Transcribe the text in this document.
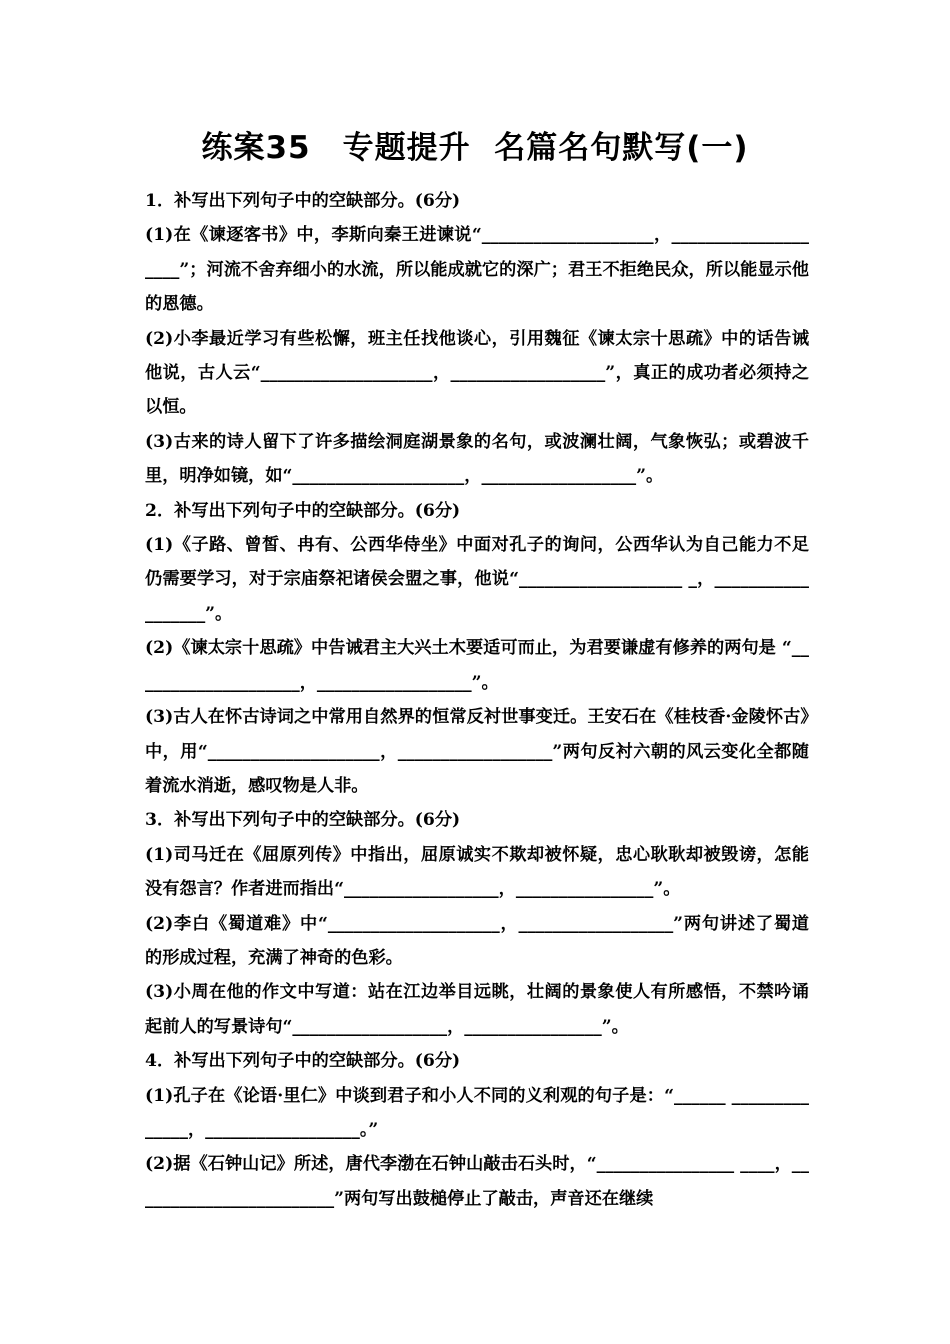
练案35　专题提升  名篇名句默写(一)

1．补写出下列句子中的空缺部分。(6分)

(1)在《谏逐客书》中，李斯向秦王进谏说“____________________，____________________”；河流不舍弃细小的水流，所以能成就它的深广；君王不拒绝民众，所以能显示他的恩德。

(2)小李最近学习有些松懈，班主任找他谈心，引用魏征《谏太宗十思疏》中的话告诫他说，古人云“____________________，__________________”，真正的成功者必须持之以恒。

(3)古来的诗人留下了许多描绘洞庭湖景象的名句，或波澜壮阔，气象恢弘；或碧波千里，明净如镜，如“____________________，__________________”。

2．补写出下列句子中的空缺部分。(6分)

(1)《子路、曾皙、冉有、公西华侍坐》中面对孔子的询问，公西华认为自己能力不足仍需要学习，对于宗庙祭祀诸侯会盟之事，他说“___________________ _，__________________”。

(2)《谏太宗十思疏》中告诫君主大兴土木要适可而止，为君要谦虚有修养的两句是 “____________________，__________________”。

(3)古人在怀古诗词之中常用自然界的恒常反衬世事变迁。王安石在《桂枝香·金陵怀古》中，用“____________________，__________________”两句反衬六朝的风云变化全都随着流水消逝，感叹物是人非。

3．补写出下列句子中的空缺部分。(6分)

(1)司马迁在《屈原列传》中指出，屈原诚实不欺却被怀疑，忠心耿耿却被毁谤，怎能没有怨言？作者进而指出“__________________，________________”。

(2)李白《蜀道难》中“____________________，__________________”两句讲述了蜀道的形成过程，充满了神奇的色彩。

(3)小周在他的作文中写道：站在江边举目远眺，壮阔的景象使人有所感悟，不禁吟诵起前人的写景诗句“__________________，________________”。

4．补写出下列句子中的空缺部分。(6分)

(1)孔子在《论语·里仁》中谈到君子和小人不同的义利观的句子是：“______ ______________，__________________。”

(2)据《石钟山记》所述，唐代李渤在石钟山敲击石头时，“________________ ____，________________________”两句写出鼓槌停止了敲击，声音还在继续
